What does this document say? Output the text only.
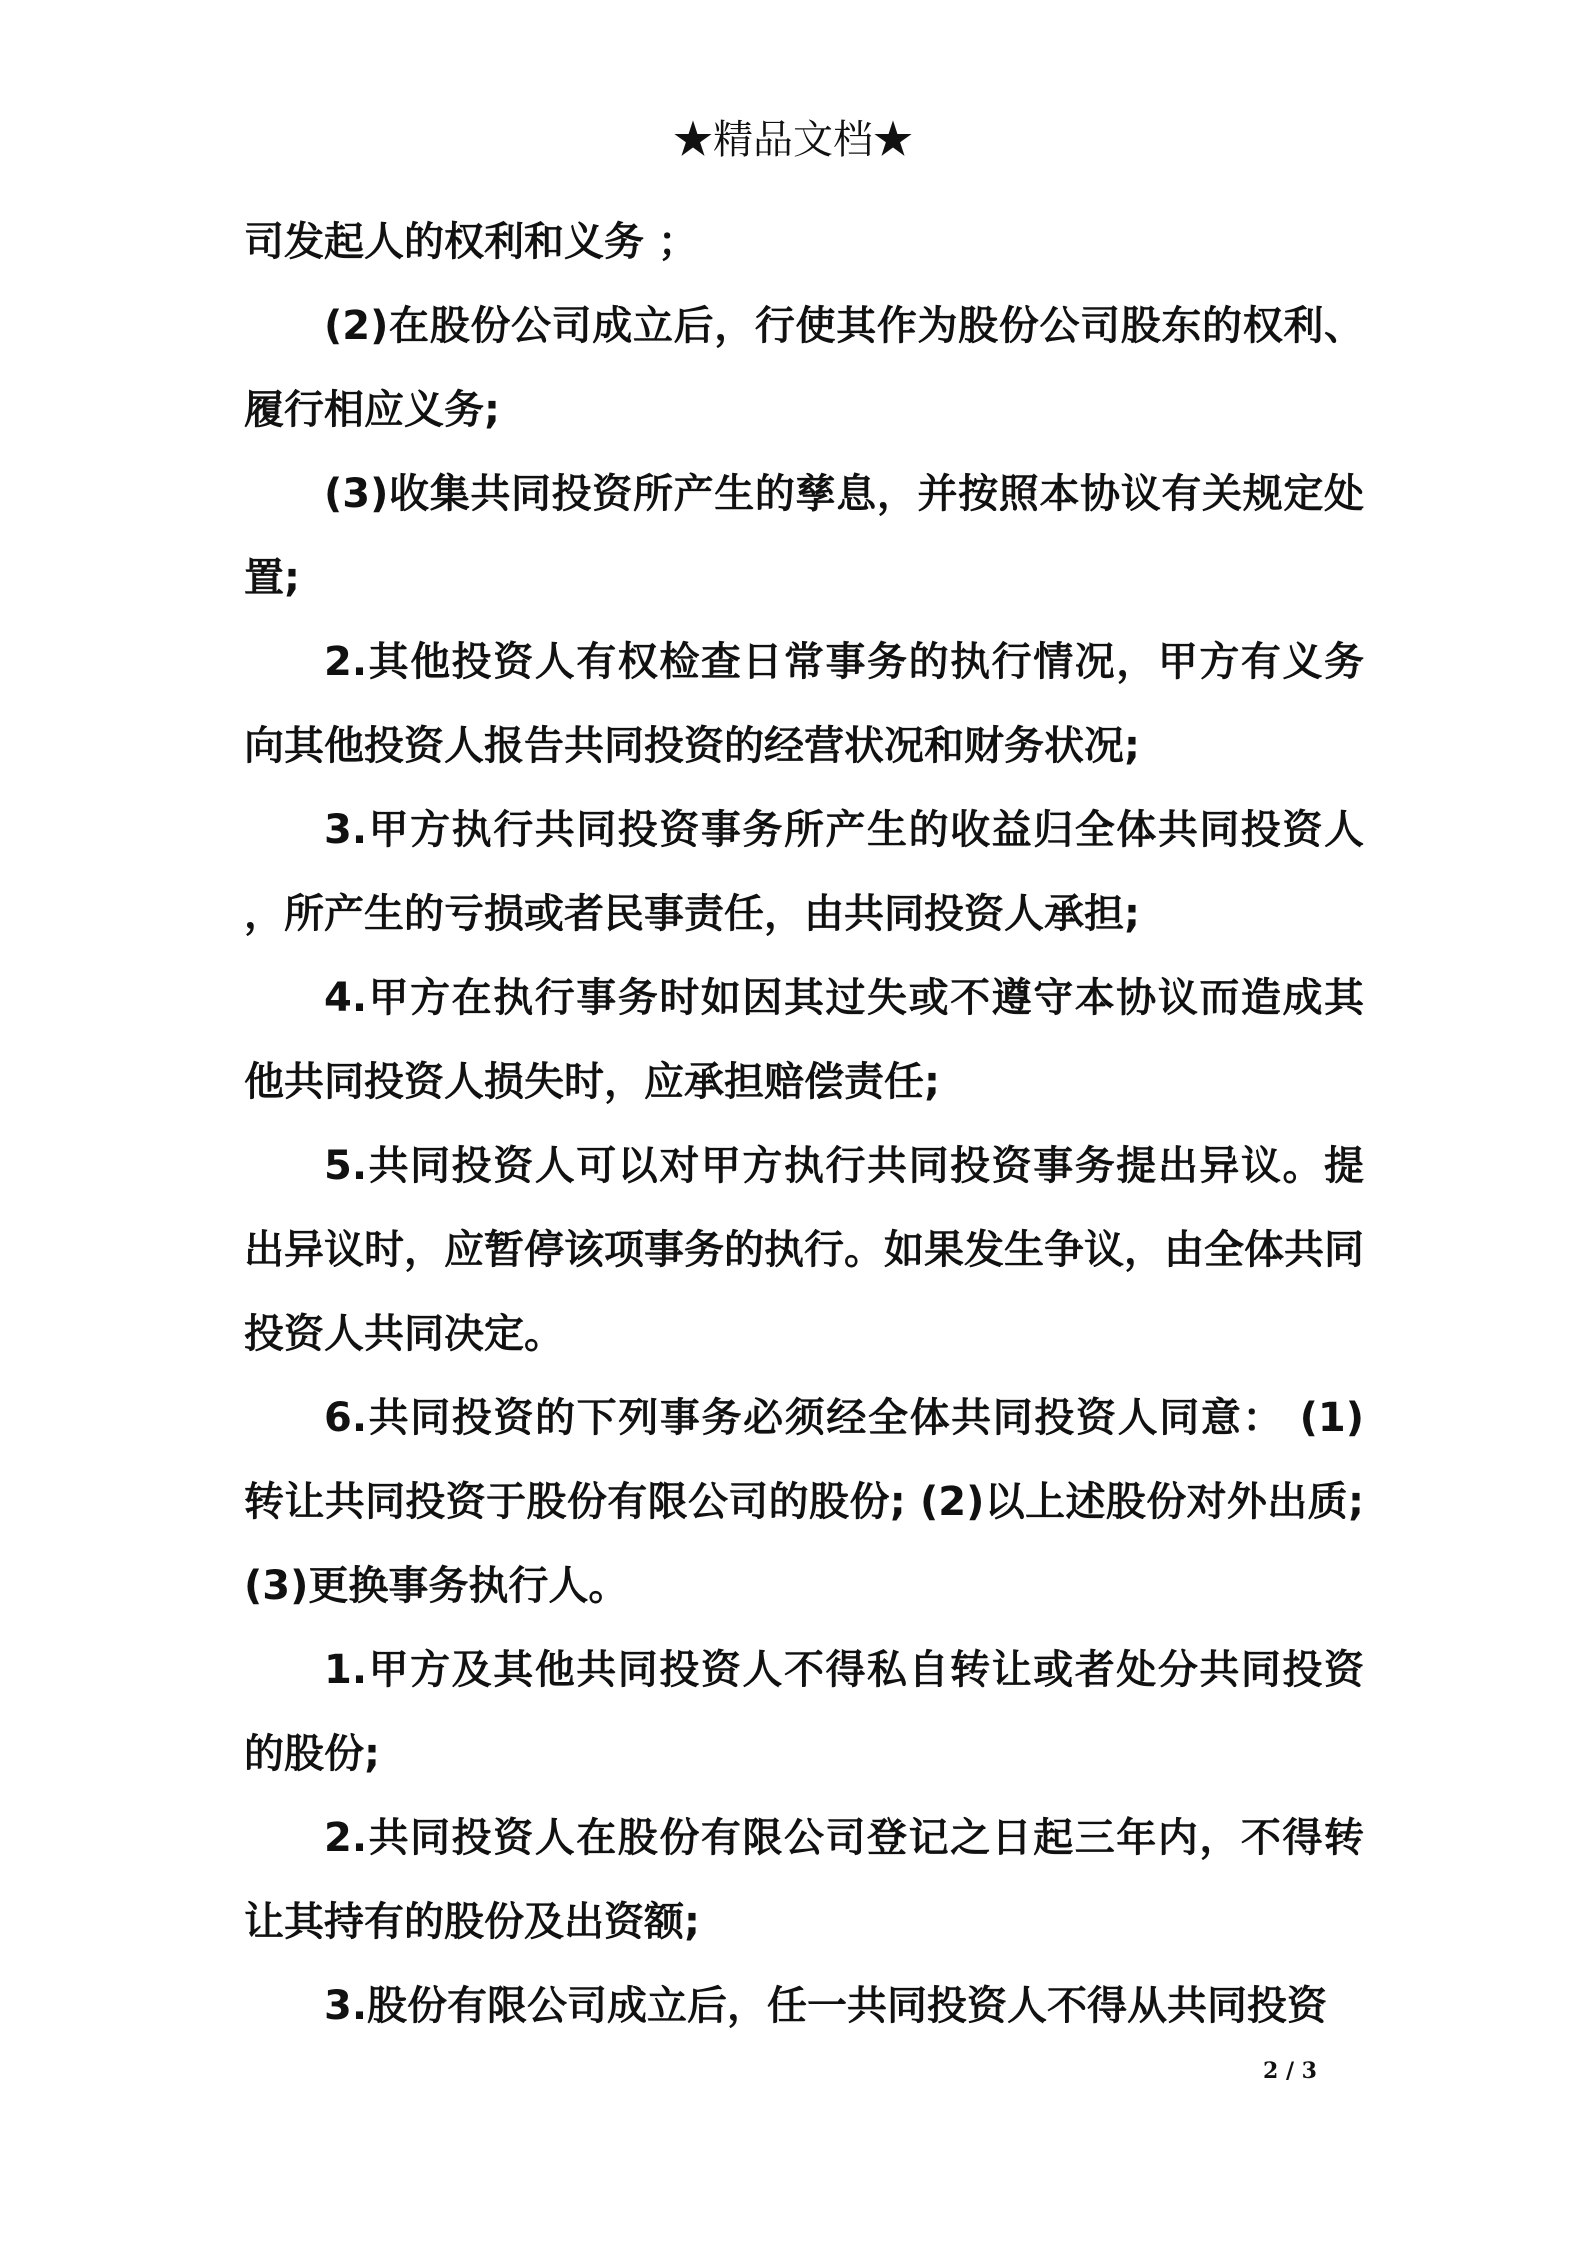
★精品文档★

司发起人的权利和义务 ；

(2)在股份公司成立后，行使其作为股份公司股东的权利、履行相应义务;

(3)收集共同投资所产生的孳息，并按照本协议有关规定处置;

2.其他投资人有权检查日常事务的执行情况，甲方有义务向其他投资人报告共同投资的经营状况和财务状况;

3.甲方执行共同投资事务所产生的收益归全体共同投资人，所产生的亏损或者民事责任，由共同投资人承担;

4.甲方在执行事务时如因其过失或不遵守本协议而造成其他共同投资人损失时，应承担赔偿责任;

5.共同投资人可以对甲方执行共同投资事务提出异议。提出异议时，应暂停该项事务的执行。如果发生争议，由全体共同投资人共同决定。

6.共同投资的下列事务必须经全体共同投资人同意： (1)转让共同投资于股份有限公司的股份; (2)以上述股份对外出质; (3)更换事务执行人。

1.甲方及其他共同投资人不得私自转让或者处分共同投资的股份;

2.共同投资人在股份有限公司登记之日起三年内，不得转让其持有的股份及出资额;

3.股份有限公司成立后，任一共同投资人不得从共同投资

2 / 3
